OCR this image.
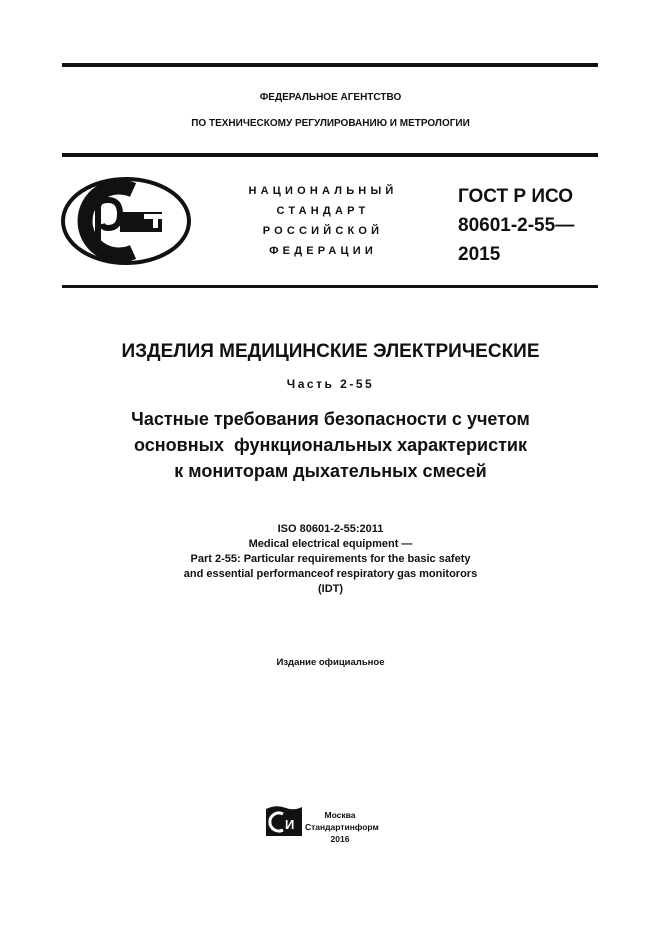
ФЕДЕРАЛЬНОЕ АГЕНТСТВО
ПО ТЕХНИЧЕСКОМУ РЕГУЛИРОВАНИЮ И МЕТРОЛОГИИ
НАЦИОНАЛЬНЫЙ
СТАНДАРТ
РОССИЙСКОЙ
ФЕДЕРАЦИИ
ГОСТ Р ИСО
80601-2-55—
2015
ИЗДЕЛИЯ МЕДИЦИНСКИЕ ЭЛЕКТРИЧЕСКИЕ
Часть 2-55
Частные требования безопасности с учетом
основных  функциональных характеристик
к мониторам дыхательных смесей
ISO 80601-2-55:2011
Medical electrical equipment —
Part 2-55: Particular requirements for the basic safety
and essential performanceof respiratory gas monitorors
(IDT)
Издание официальное
И
Москва
Стандартинформ
2016
